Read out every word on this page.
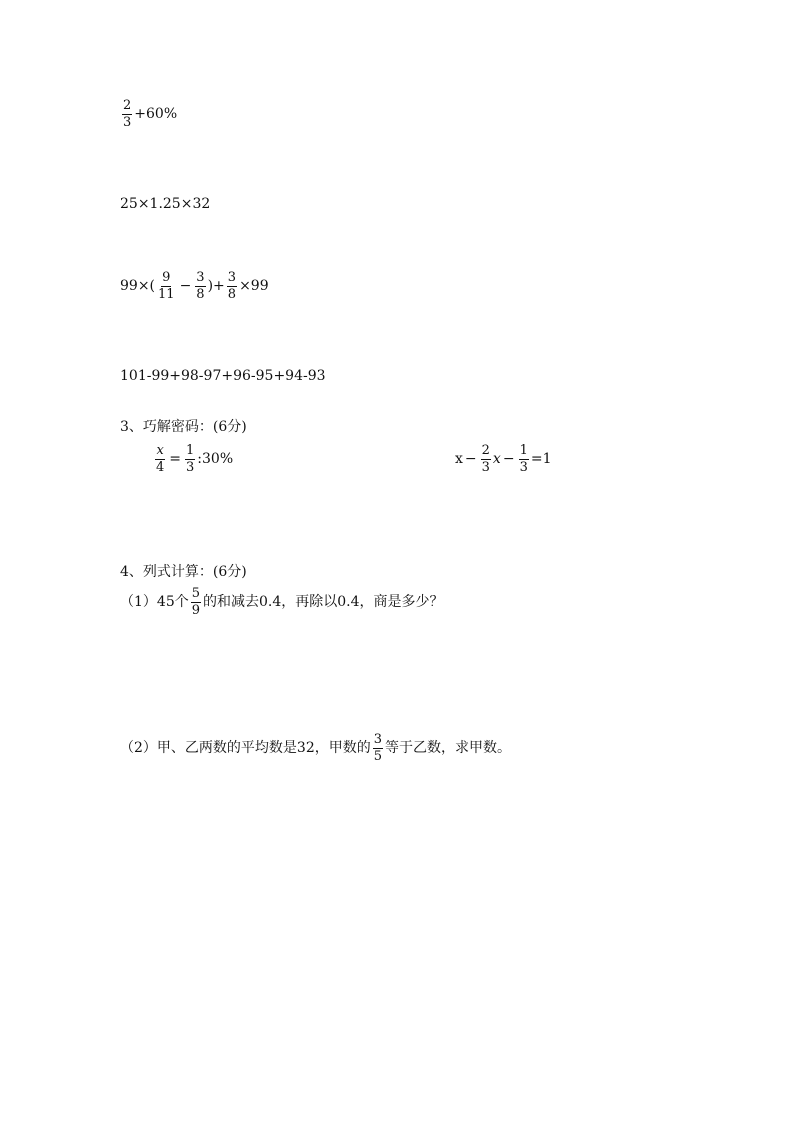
$\frac{2}{3} +60\%$
25×1.25×32
$99\times( \frac{9}{11} - \frac{3}{8}$ )+ $\frac{3}{8} \times 99$
101-99+98-97+96-95+94-93
3、巧解密码：(6分)
$\frac{x}{4} = \frac{1}{3}$ :30%	$x - \frac{2}{3}$ $x - \frac{1}{3} =1$
4、列式计算：(6分)
（1）45个 $\frac{5}{9}$ 的和减去0.4，再除以0.4，商是多少？
（2）甲、乙两数的平均数是32，甲数的 $\frac{3}{5}$ 等于乙数，求甲数。
